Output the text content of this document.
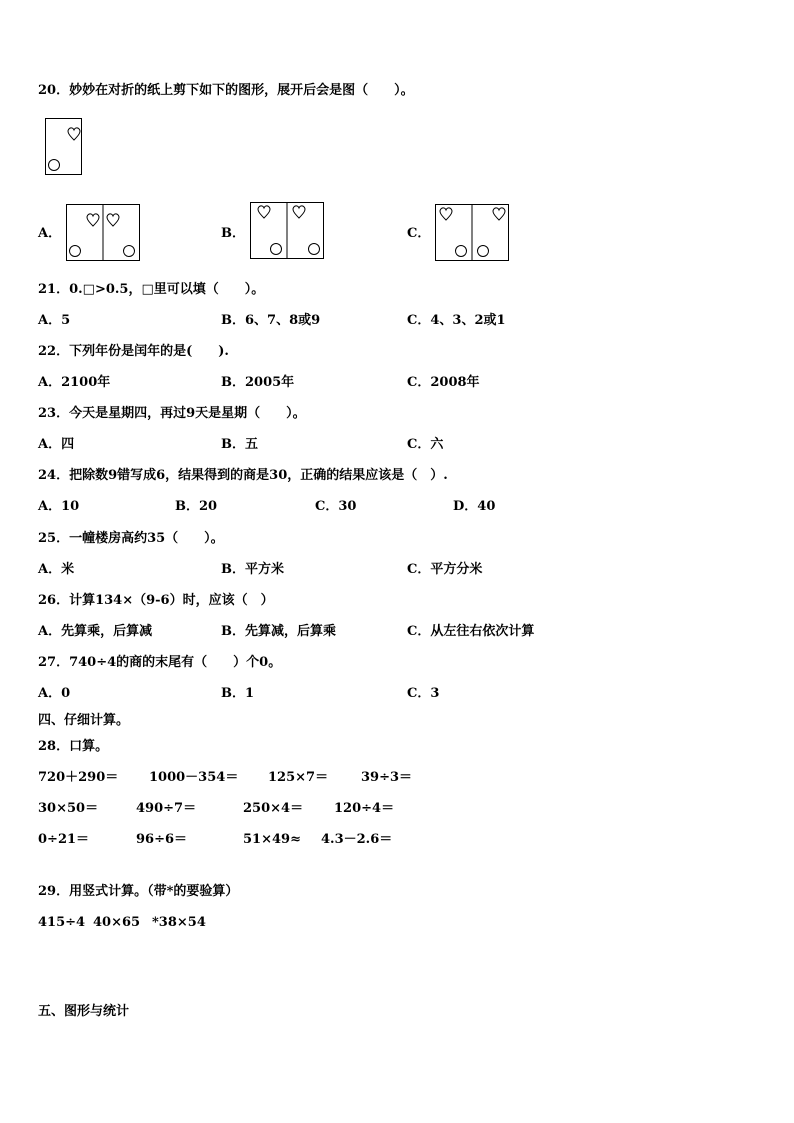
20．妙妙在对折的纸上剪下如下的图形，展开后会是图（　　）。
A．	B．	C．
21．0.□>0.5，□里可以填（　　）。
A．5	B．6、7、8或9	C．4、3、2或1
22．下列年份是闰年的是(　　).
A．2100年	B．2005年	C．2008年
23．今天是星期四，再过9天是星期（　　）。
A．四	B．五	C．六
24．把除数9错写成6，结果得到的商是30，正确的结果应该是（　）.
A．10	B．20	C．30	D．40
25．一幢楼房高约35（　　）。
A．米	B．平方米	C．平方分米
26．计算134×（9-6）时，应该（　）
A．先算乘，后算减	B．先算减，后算乘	C．从左往右依次计算
27．740÷4的商的末尾有（　　）个0。
A．0	B．1	C．3
四、仔细计算。
28．口算。
720＋290＝ 1000－354＝ 125×7＝	39÷3＝
30×50＝	490÷7＝	250×4＝ 120÷4＝
0÷21＝	96÷6＝	51×49≈ 4.3－2.6＝
29．用竖式计算。（带*的要验算）
415÷4 40×65 *38×54
五、图形与统计
